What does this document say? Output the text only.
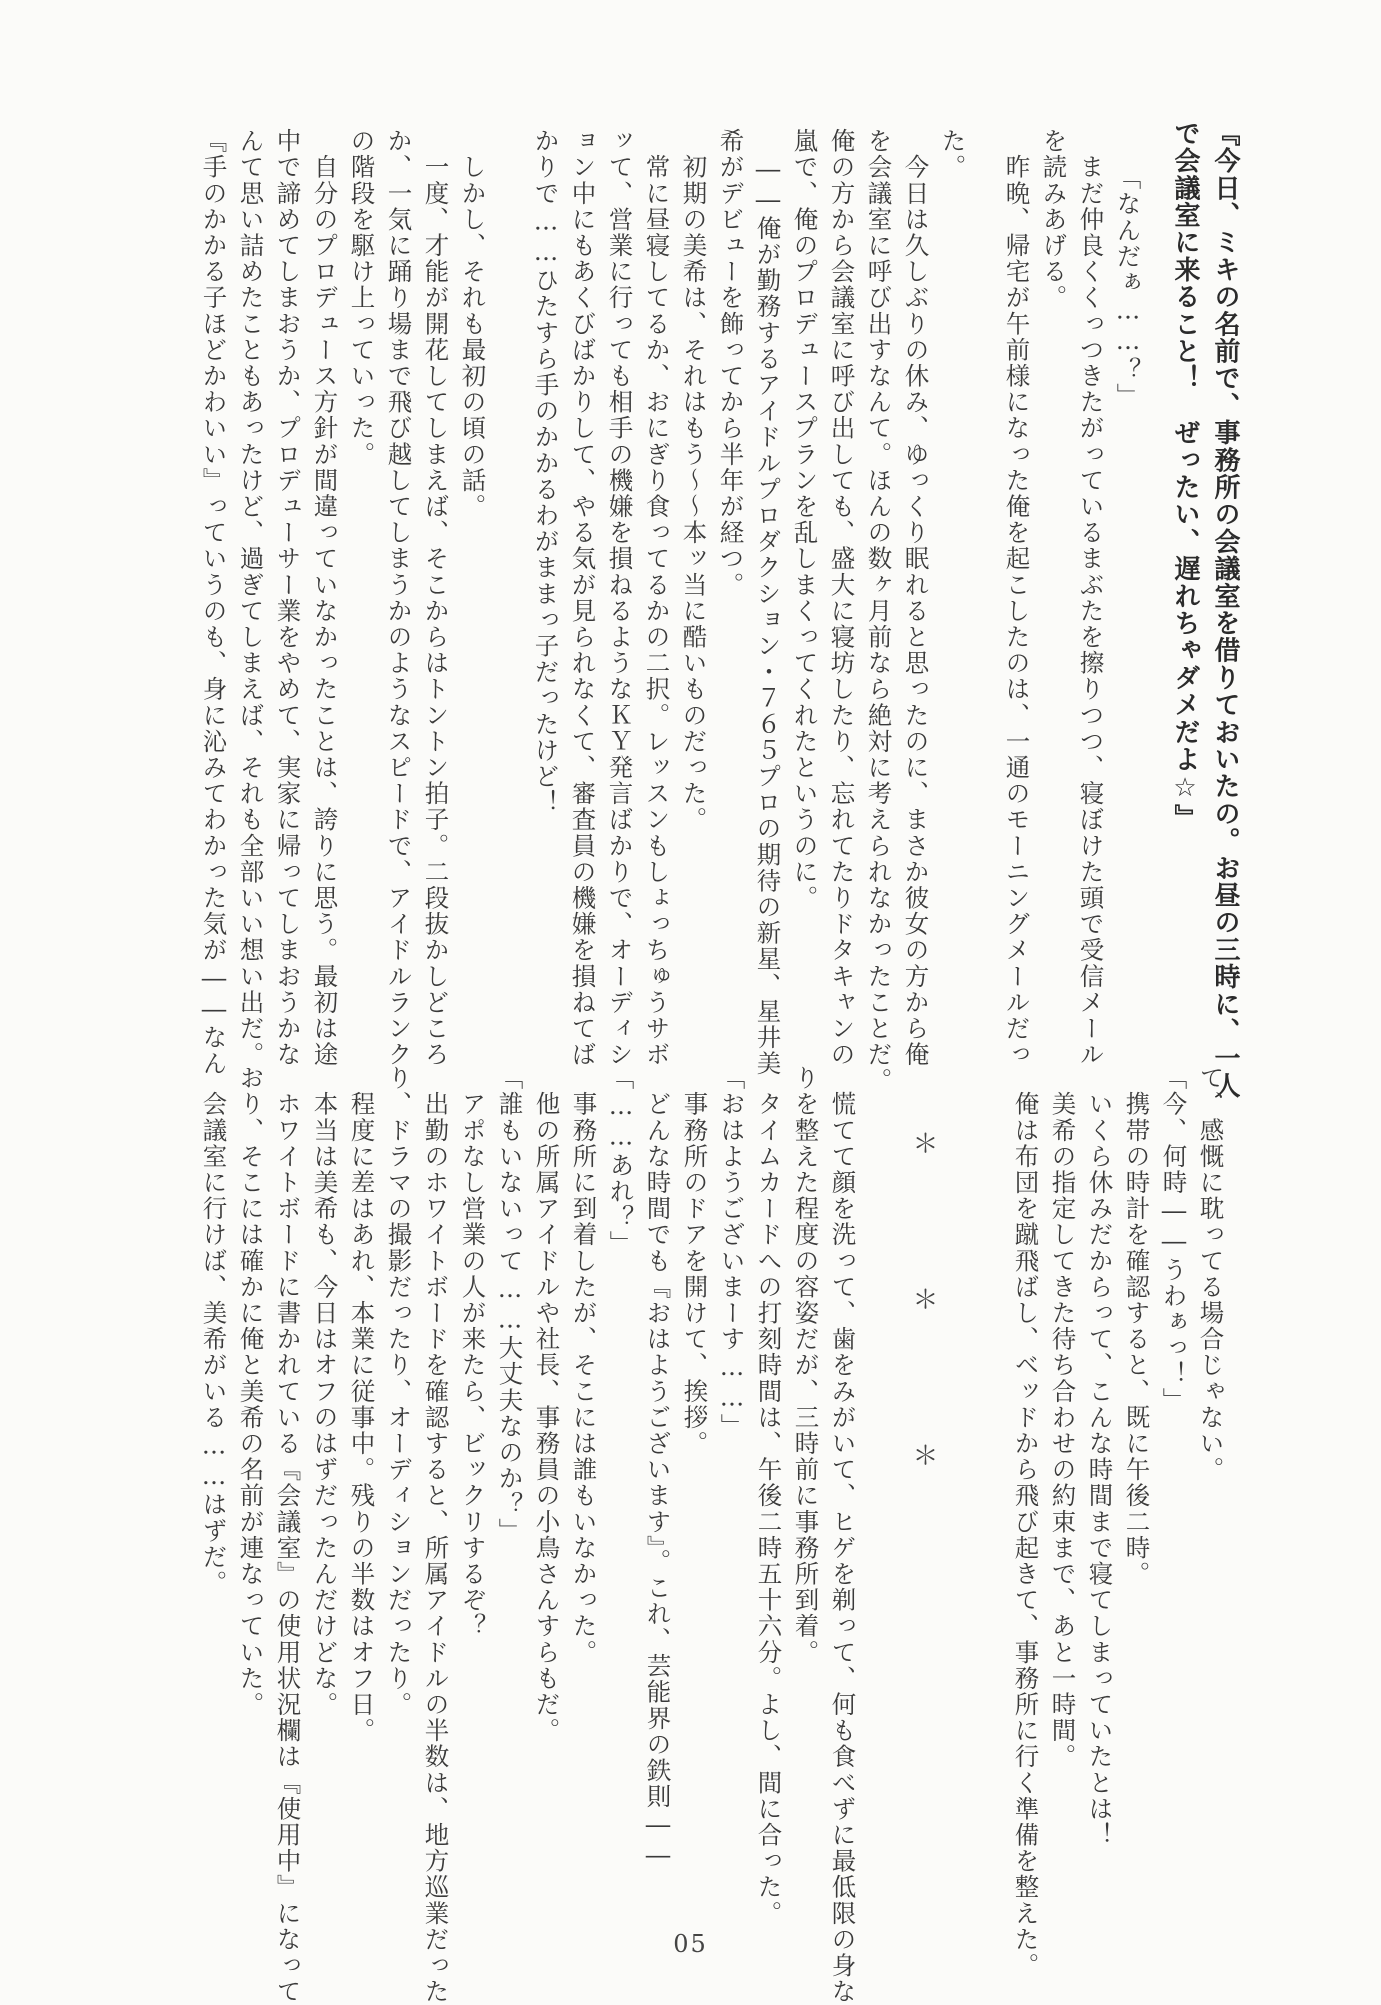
『今日、ミキの名前で、事務所の会議室を借りておいたの。お昼の三時に、一人
で会議室に来ること！　ぜったい、遅れちゃダメだよ☆』
「なんだぁ……？」
　まだ仲良くくっつきたがっているまぶたを擦りつつ、寝ぼけた頭で受信メール
を読みあげる。
　昨晩、帰宅が午前様になった俺を起こしたのは、一通のモーニングメールだっ
た。
　今日は久しぶりの休み、ゆっくり眠れると思ったのに、まさか彼女の方から俺
を会議室に呼び出すなんて。ほんの数ヶ月前なら絶対に考えられなかったことだ。
俺の方から会議室に呼び出しても、盛大に寝坊したり、忘れてたりドタキャンの
嵐で、俺のプロデュースプランを乱しまくってくれたというのに。
　――俺が勤務するアイドルプロダクション・７６５プロの期待の新星、星井美
希がデビューを飾ってから半年が経つ。
　初期の美希は、それはもう～～本ッ当に酷いものだった。
　常に昼寝してるか、おにぎり食ってるかの二択。レッスンもしょっちゅうサボ
ッて、営業に行っても相手の機嫌を損ねるようなＫＹ発言ばかりで、オーディシ
ョン中にもあくびばかりして、やる気が見られなくて、審査員の機嫌を損ねてば
かりで……ひたすら手のかかるわがままっ子だったけど！
　しかし、それも最初の頃の話。
　一度、才能が開花してしまえば、そこからはトントン拍子。二段抜かしどころ
か、一気に踊り場まで飛び越してしまうかのようなスピードで、アイドルランク
の階段を駆け上っていった。
　自分のプロデュース方針が間違っていなかったことは、誇りに思う。最初は途
中で諦めてしまおうか、プロデューサー業をやめて、実家に帰ってしまおうかな
んて思い詰めたこともあったけど、過ぎてしまえば、それも全部いい想い出だ。
『手のかかる子ほどかわいい』っていうのも、身に沁みてわかった気が――なん
て、感慨に耽ってる場合じゃない。
「今、何時――うわぁっ！」
　携帯の時計を確認すると、既に午後二時。
　いくら休みだからって、こんな時間まで寝てしまっていたとは！
　美希の指定してきた待ち合わせの約束まで、あと一時間。
　俺は布団を蹴飛ばし、ベッドから飛び起きて、事務所に行く準備を整えた。
＊　＊　＊
　慌てて顔を洗って、歯をみがいて、ヒゲを剃って、何も食べずに最低限の身な
りを整えた程度の容姿だが、三時前に事務所到着。
　タイムカードへの打刻時間は、午後二時五十六分。よし、間に合った。
「おはようございまーす……」
　事務所のドアを開けて、挨拶。
　どんな時間でも『おはようございます』。これ、芸能界の鉄則――
「……あれ？」
　事務所に到着したが、そこには誰もいなかった。
　他の所属アイドルや社長、事務員の小鳥さんすらもだ。
「誰もいないって……大丈夫なのか？」
　アポなし営業の人が来たら、ビックリするぞ？
　出勤のホワイトボードを確認すると、所属アイドルの半数は、地方巡業だった
り、ドラマの撮影だったり、オーディションだったり。
　程度に差はあれ、本業に従事中。残りの半数はオフ日。
　本当は美希も、今日はオフのはずだったんだけどな。
　ホワイトボードに書かれている『会議室』の使用状況欄は『使用中』になって
おり、そこには確かに俺と美希の名前が連なっていた。
　会議室に行けば、美希がいる……はずだ。
05
